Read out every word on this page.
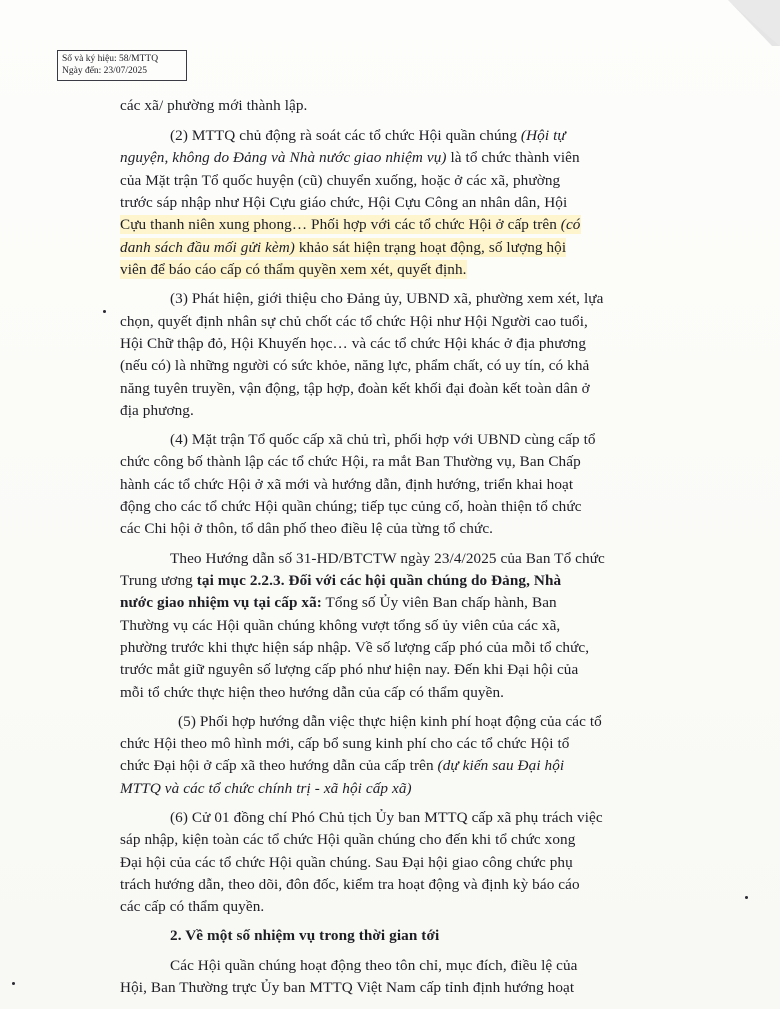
Số và ký hiệu: 58/MTTQ
Ngày đến: 23/07/2025
các xã/ phường mới thành lập.
(2) MTTQ chủ động rà soát các tổ chức Hội quần chúng (Hội tự
nguyện, không do Đảng và Nhà nước giao nhiệm vụ) là tổ chức thành viên
của Mặt trận Tổ quốc huyện (cũ) chuyển xuống, hoặc ở các xã, phường
trước sáp nhập như Hội Cựu giáo chức, Hội Cựu Công an nhân dân, Hội
Cựu thanh niên xung phong… Phối hợp với các tổ chức Hội ở cấp trên (có
danh sách đầu mối gửi kèm) khảo sát hiện trạng hoạt động, số lượng hội
viên để báo cáo cấp có thẩm quyền xem xét, quyết định.
(3) Phát hiện, giới thiệu cho Đảng ủy, UBND xã, phường xem xét, lựa
chọn, quyết định nhân sự chủ chốt các tổ chức Hội như Hội Người cao tuổi,
Hội Chữ thập đỏ, Hội Khuyến học… và các tổ chức Hội khác ở địa phương
(nếu có) là những người có sức khỏe, năng lực, phẩm chất, có uy tín, có khả
năng tuyên truyền, vận động, tập hợp, đoàn kết khối đại đoàn kết toàn dân ở
địa phương.
(4) Mặt trận Tổ quốc cấp xã chủ trì, phối hợp với UBND cùng cấp tổ
chức công bố thành lập các tổ chức Hội, ra mắt Ban Thường vụ, Ban Chấp
hành các tổ chức Hội ở xã mới và hướng dẫn, định hướng, triển khai hoạt
động cho các tổ chức Hội quần chúng; tiếp tục củng cố, hoàn thiện tổ chức
các Chi hội ở thôn, tổ dân phố theo điều lệ của từng tổ chức.
Theo Hướng dẫn số 31-HD/BTCTW ngày 23/4/2025 của Ban Tổ chức
Trung ương tại mục 2.2.3. Đối với các hội quần chúng do Đảng, Nhà
nước giao nhiệm vụ tại cấp xã: Tổng số Ủy viên Ban chấp hành, Ban
Thường vụ các Hội quần chúng không vượt tổng số ủy viên của các xã,
phường trước khi thực hiện sáp nhập. Về số lượng cấp phó của mỗi tổ chức,
trước mắt giữ nguyên số lượng cấp phó như hiện nay. Đến khi Đại hội của
mỗi tổ chức thực hiện theo hướng dẫn của cấp có thẩm quyền.
(5) Phối hợp hướng dẫn việc thực hiện kinh phí hoạt động của các tổ
chức Hội theo mô hình mới, cấp bổ sung kinh phí cho các tổ chức Hội tổ
chức Đại hội ở cấp xã theo hướng dẫn của cấp trên (dự kiến sau Đại hội
MTTQ và các tổ chức chính trị - xã hội cấp xã)
(6) Cử 01 đồng chí Phó Chủ tịch Ủy ban MTTQ cấp xã phụ trách việc
sáp nhập, kiện toàn các tổ chức Hội quần chúng cho đến khi tổ chức xong
Đại hội của các tổ chức Hội quần chúng. Sau Đại hội giao công chức phụ
trách hướng dẫn, theo dõi, đôn đốc, kiểm tra hoạt động và định kỳ báo cáo
các cấp có thẩm quyền.
2. Về một số nhiệm vụ trong thời gian tới
Các Hội quần chúng hoạt động theo tôn chỉ, mục đích, điều lệ của
Hội, Ban Thường trực Ủy ban MTTQ Việt Nam cấp tỉnh định hướng hoạt
